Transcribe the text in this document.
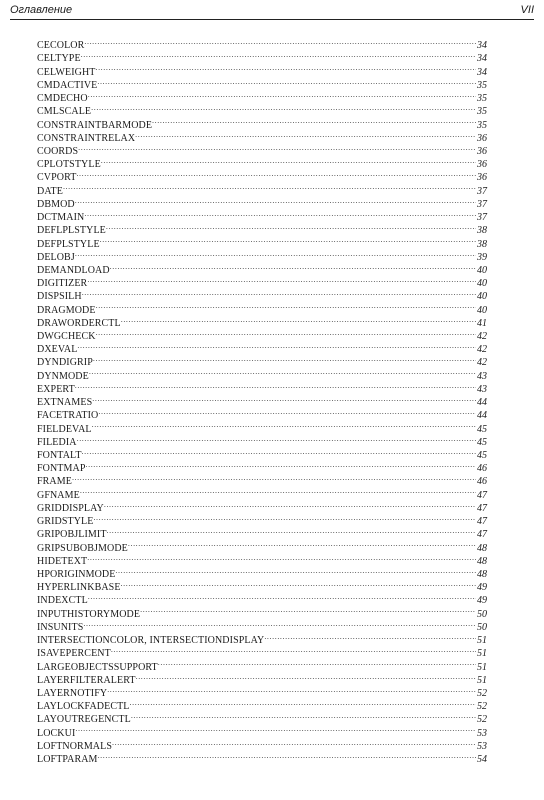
Оглавление	VII
CECOLOR .....	34
CELTYPE .....	34
CELWEIGHT .....	34
CMDACTIVE .....	35
CMDECHO .....	35
CMLSCALE .....	35
CONSTRAINTBARMODE .....	35
CONSTRAINTRELAX .....	36
COORDS .....	36
CPLOTSTYLE .....	36
CVPORT .....	36
DATE .....	37
DBMOD .....	37
DCTMAIN .....	37
DEFLPLSTYLE .....	38
DEFPLSTYLE .....	38
DELOBJ .....	39
DEMANDLOAD .....	40
DIGITIZER .....	40
DISPSILH .....	40
DRAGMODE .....	40
DRAWORDERCTL .....	41
DWGCHECK .....	42
DXEVAL .....	42
DYNDIGRIP .....	42
DYNMODE .....	43
EXPERT .....	43
EXTNAMES .....	44
FACETRATIO .....	44
FIELDEVAL .....	45
FILEDIA .....	45
FONTALT .....	45
FONTMAP .....	46
FRAME .....	46
GFNAME .....	47
GRIDDISPLAY .....	47
GRIDSTYLE .....	47
GRIPOBJLIMIT .....	47
GRIPSUBOBJMODE .....	48
HIDETEXT .....	48
HPORIGINMODE .....	48
HYPERLINKBASE .....	49
INDEXCTL .....	49
INPUTHISTORYMODE .....	50
INSUNITS .....	50
INTERSECTIONCOLOR, INTERSECTIONDISPLAY .....	51
ISAVEPERCENT .....	51
LARGEOBJECTSSUPPORT .....	51
LAYERFILTERALERT .....	51
LAYERNOTIFY .....	52
LAYLOCKFADECTL .....	52
LAYOUTREGENCTL .....	52
LOCKUI .....	53
LOFTNORMALS .....	53
LOFTPARAM .....	54
